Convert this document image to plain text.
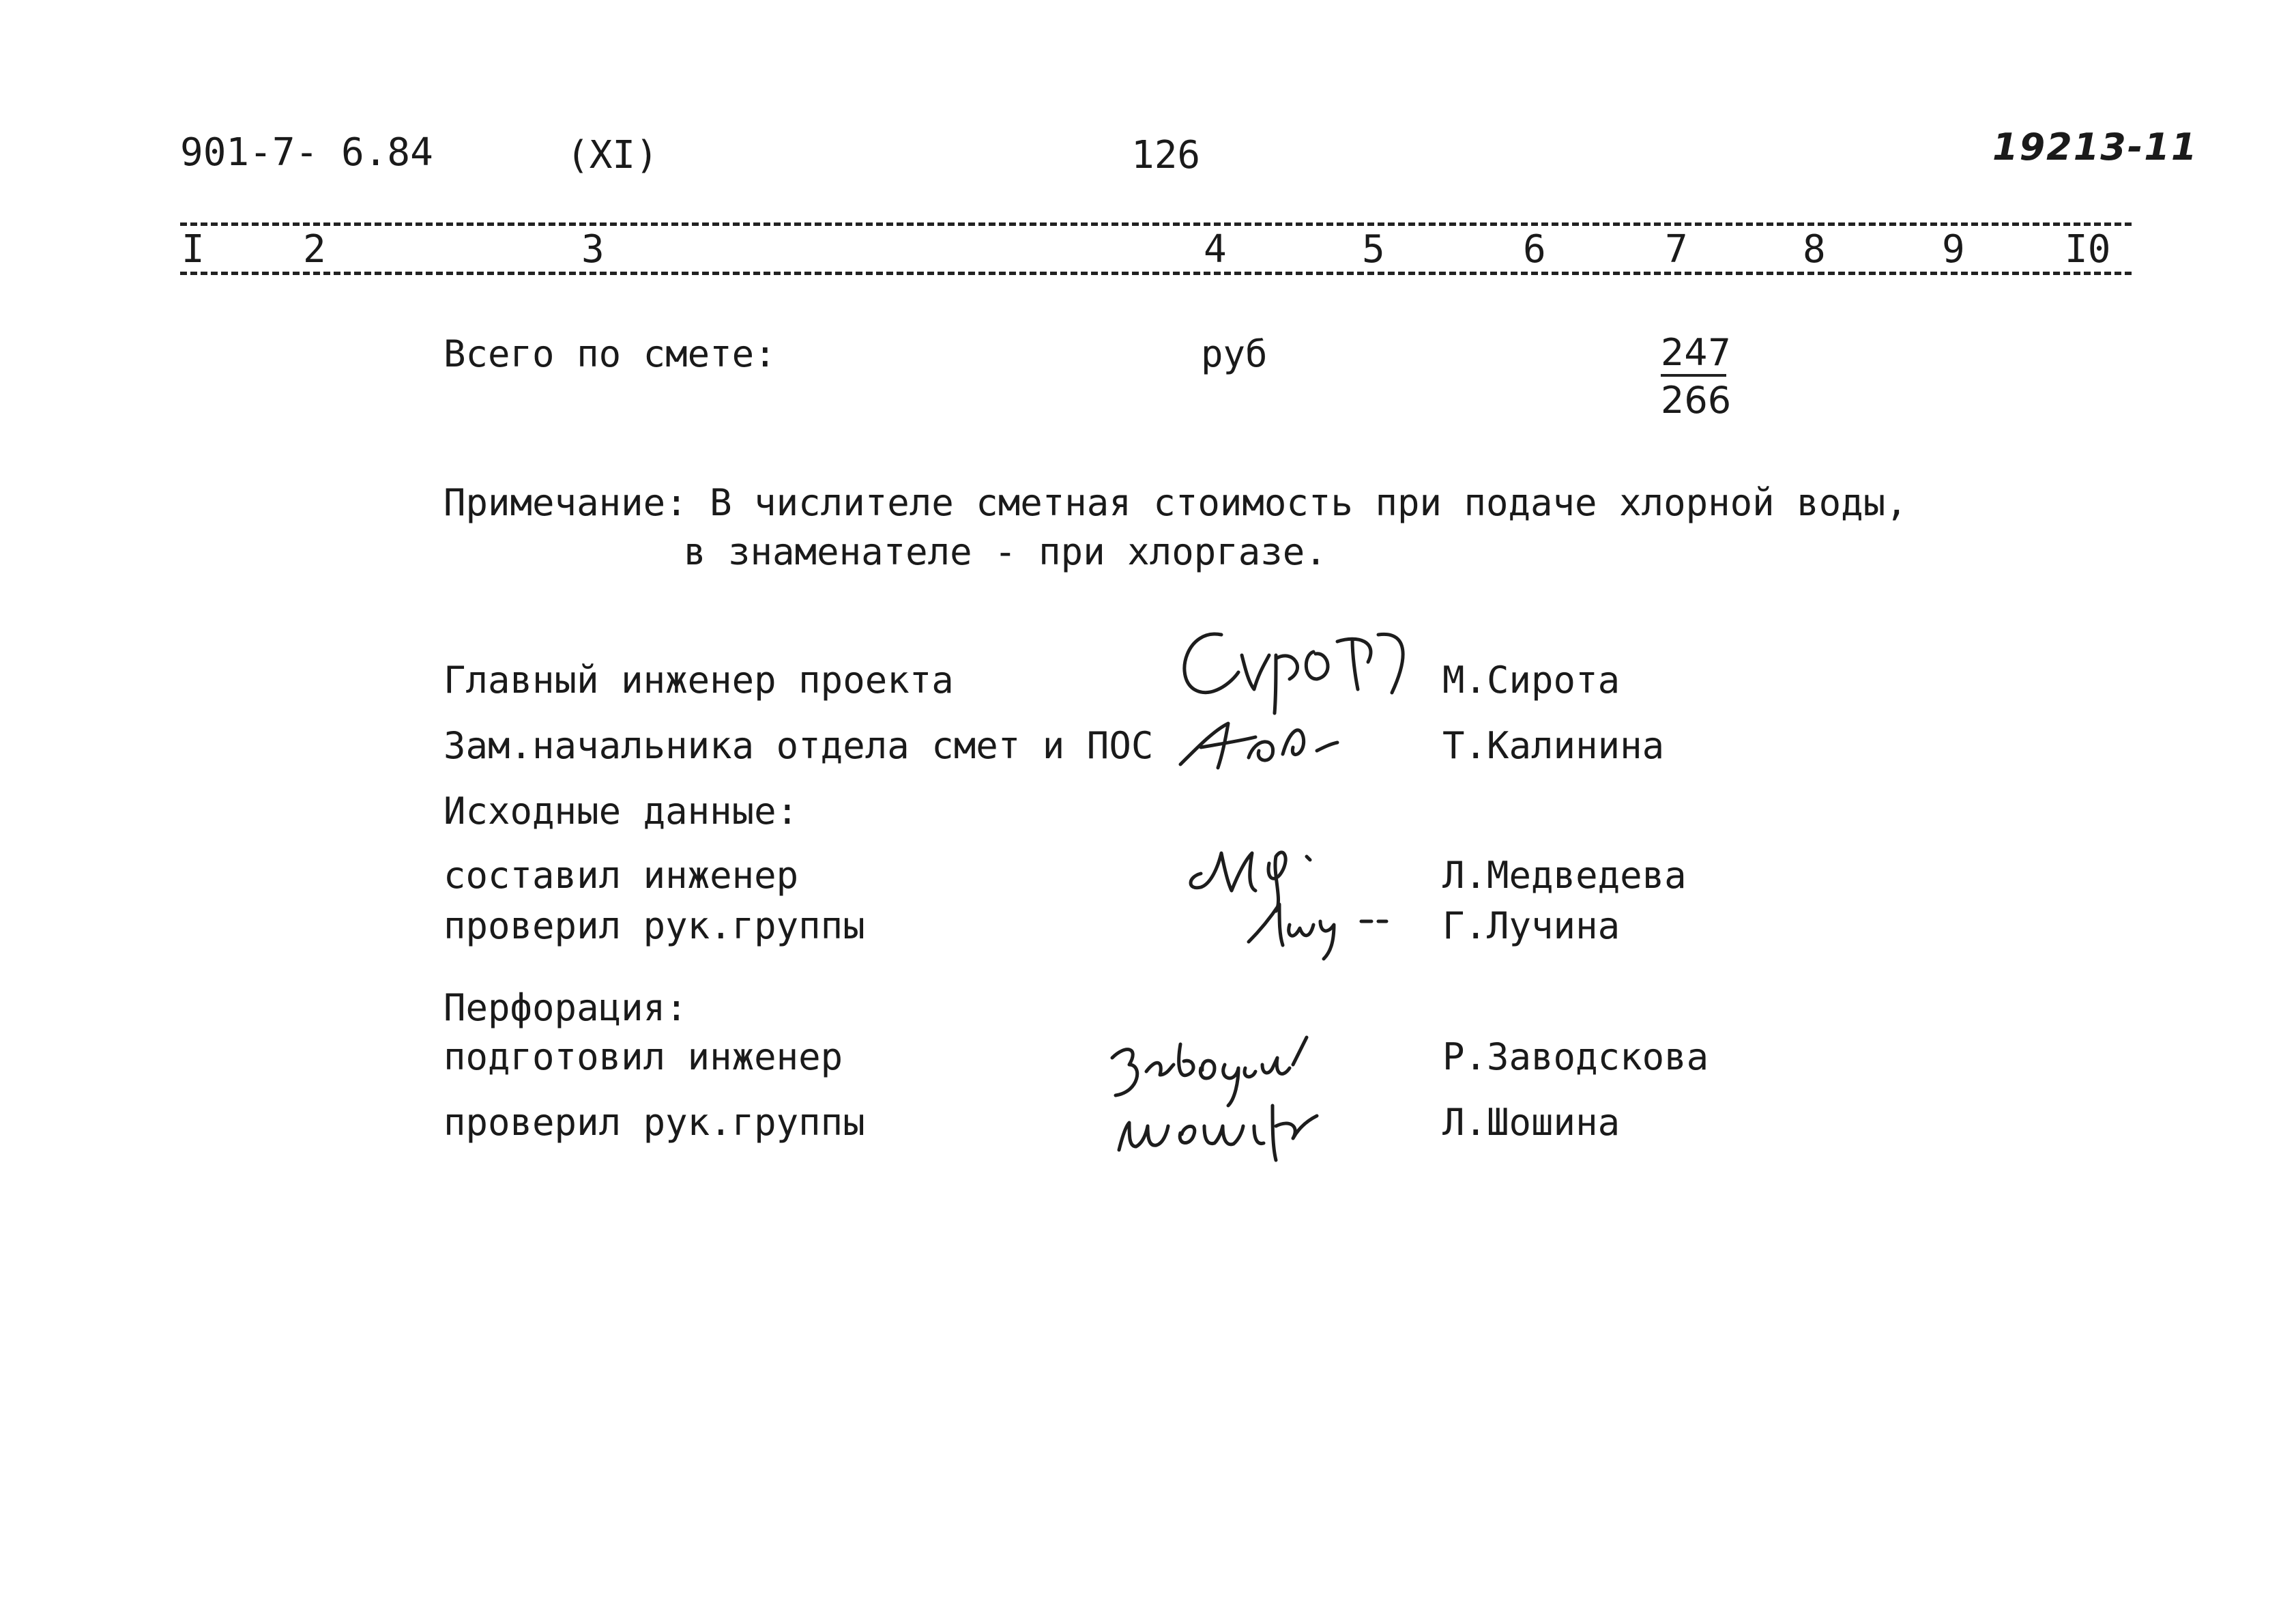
901-7- 6.84	(XI)	126	19213-11
I	2	3	4	5	6	7	8	9	I0
Всего по смете:	руб	247
266
Примечание: В числителе сметная стоимость при подаче хлорной воды,
в знаменателе - при хлоргазе.
Главный инженер проекта	М.Сирота
Зам.начальника отдела смет и ПОС	Т.Калинина
Исходные данные:
составил инженер	Л.Медведева
проверил рук.группы	Г.Лучина
Перфорация:
подготовил инженер	Р.Заводскова
проверил рук.группы	Л.Шошина
